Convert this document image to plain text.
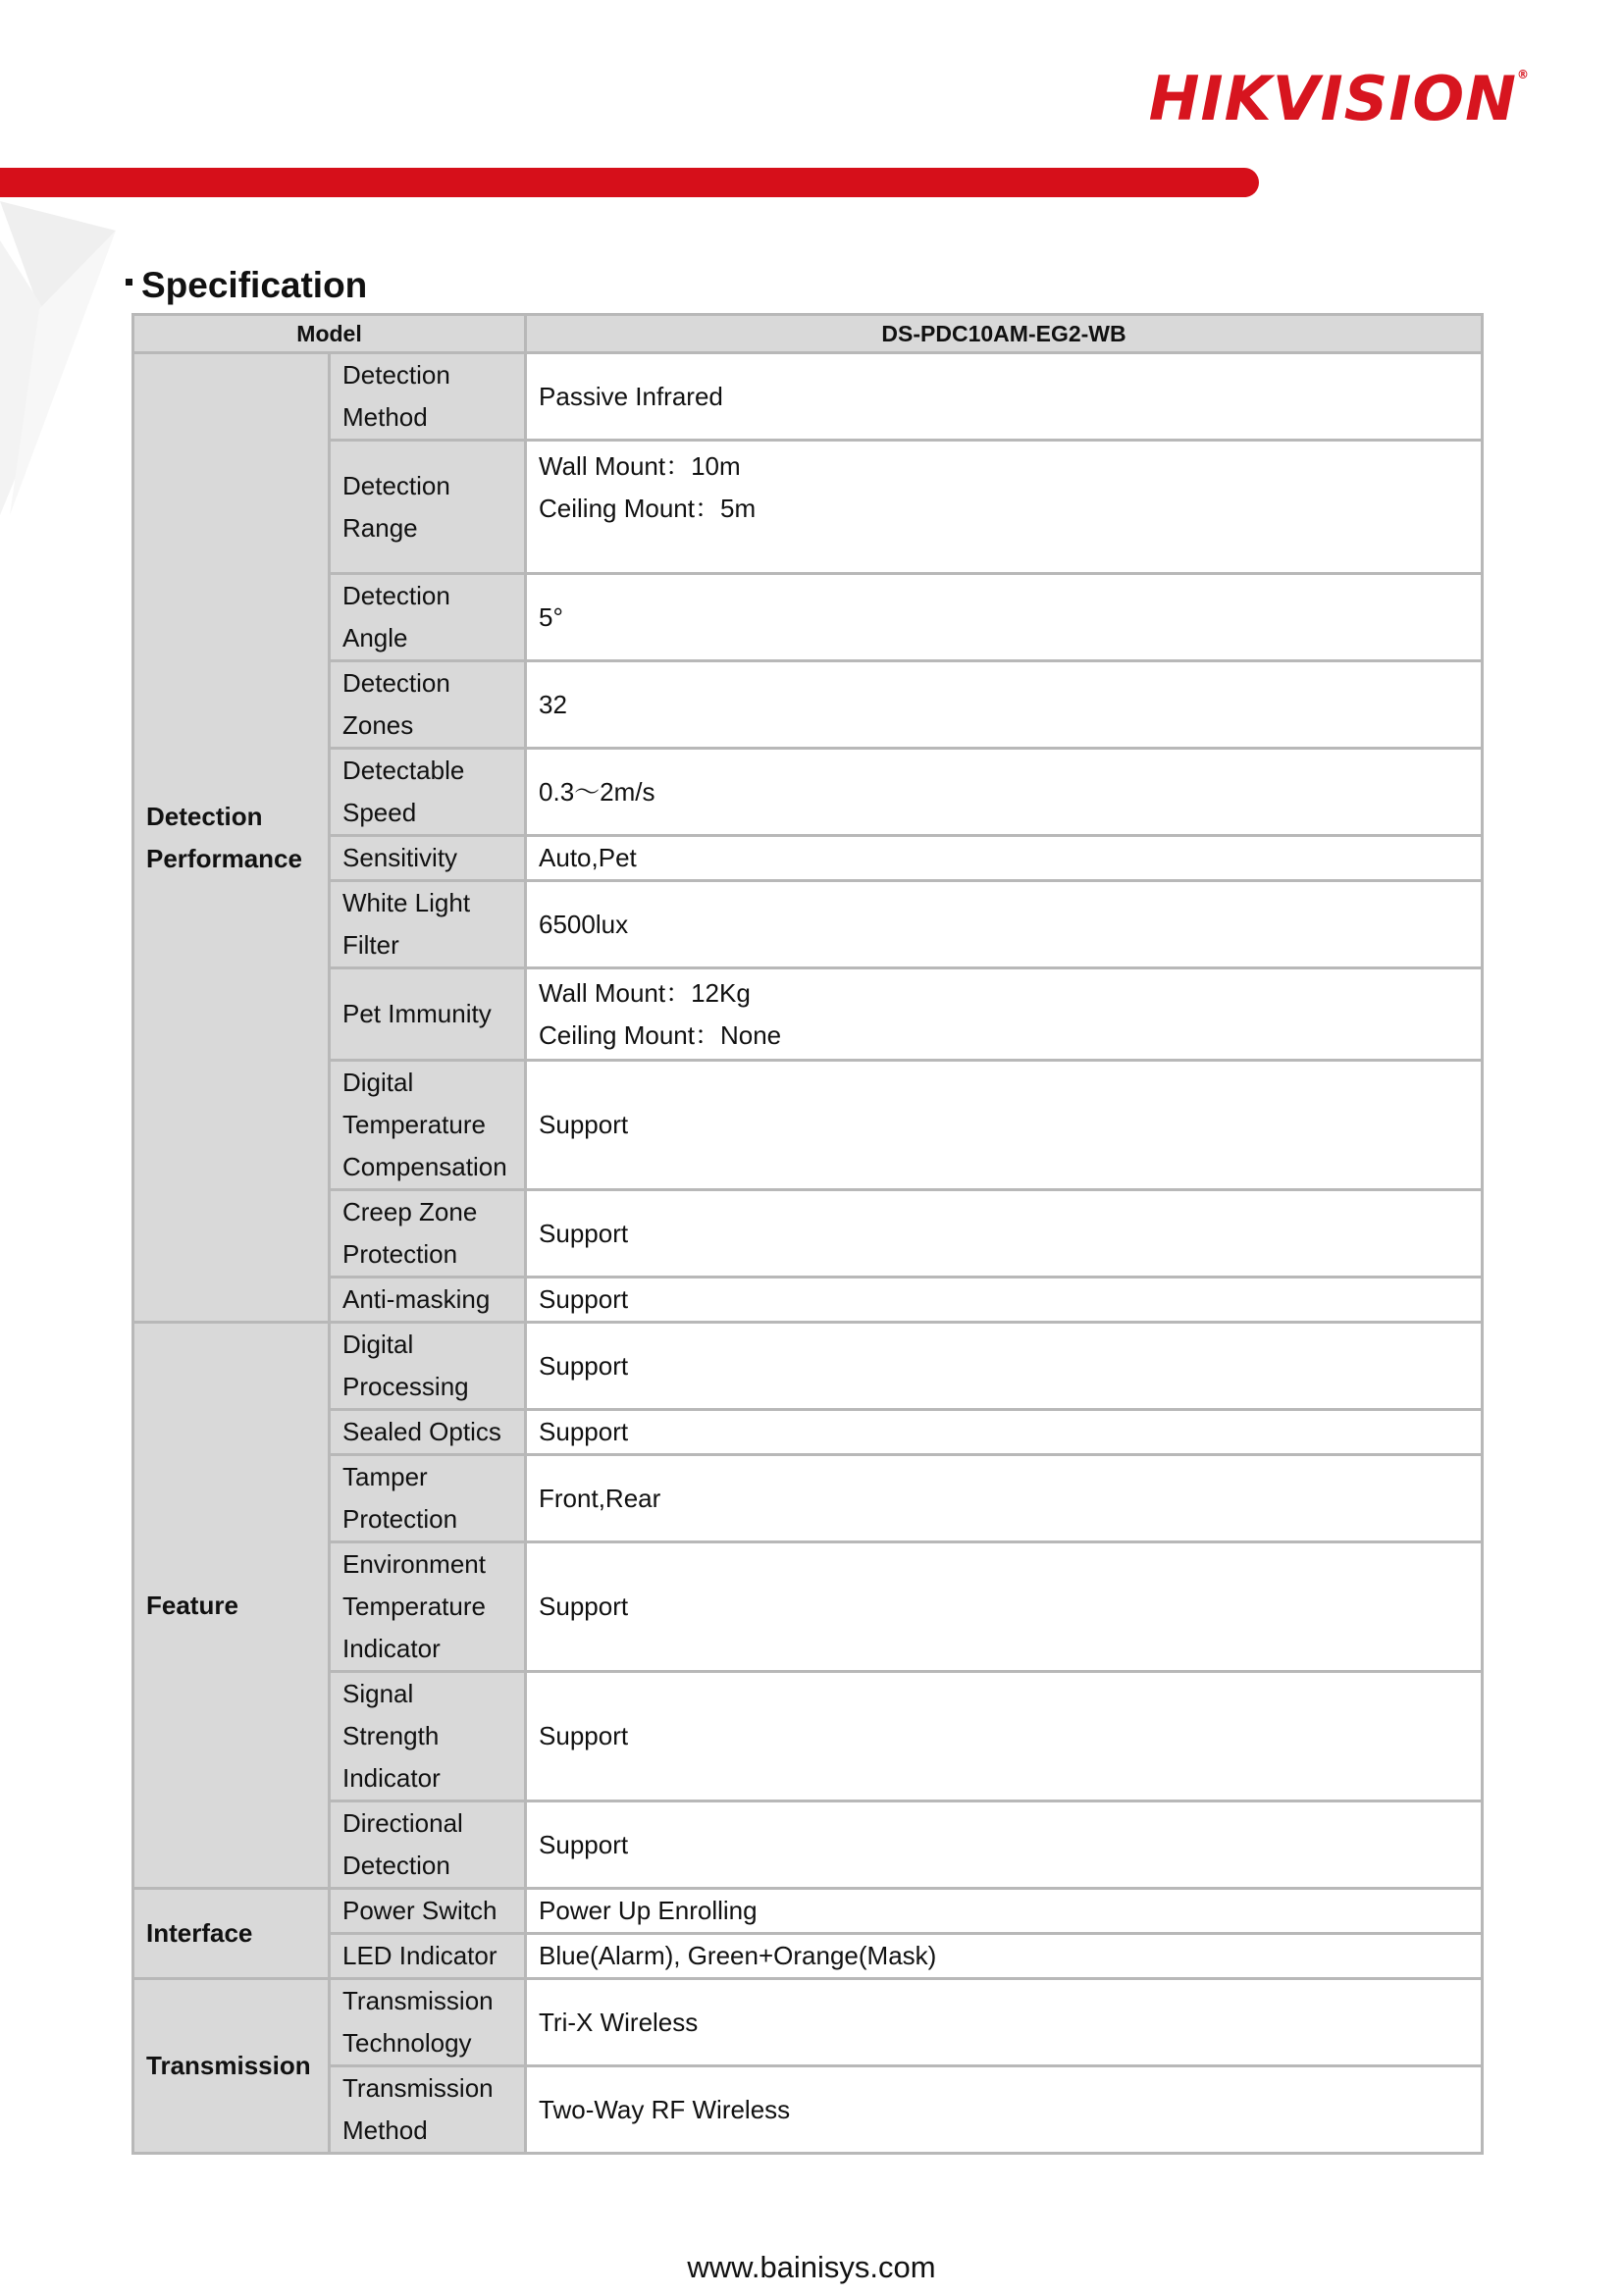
HIKVISION®
Specification
Model		DS-PDC10AM-EG2-WB
Detection Performance	Detection Method	Passive Infrared
	Detection Range	Wall Mount：10m
Ceiling Mount：5m

	Detection Angle	5°
	Detection Zones	32
	Detectable Speed	0.3～2m/s
	Sensitivity	Auto,Pet
	White Light Filter	6500lux
	Pet Immunity	Wall Mount：12Kg
Ceiling Mount：None

	Digital Temperature Compensation	Support
	Creep Zone Protection	Support
	Anti-masking	Support
Feature	Digital Processing	Support
	Sealed Optics	Support
	Tamper Protection	Front,Rear
	Environment Temperature Indicator	Support
	Signal Strength Indicator	Support
	Directional Detection	Support
Interface	Power Switch	Power Up Enrolling
	LED Indicator	Blue(Alarm), Green+Orange(Mask)
Transmission	Transmission Technology	Tri-X Wireless
	Transmission Method	Two-Way RF Wireless
www.bainisys.com
